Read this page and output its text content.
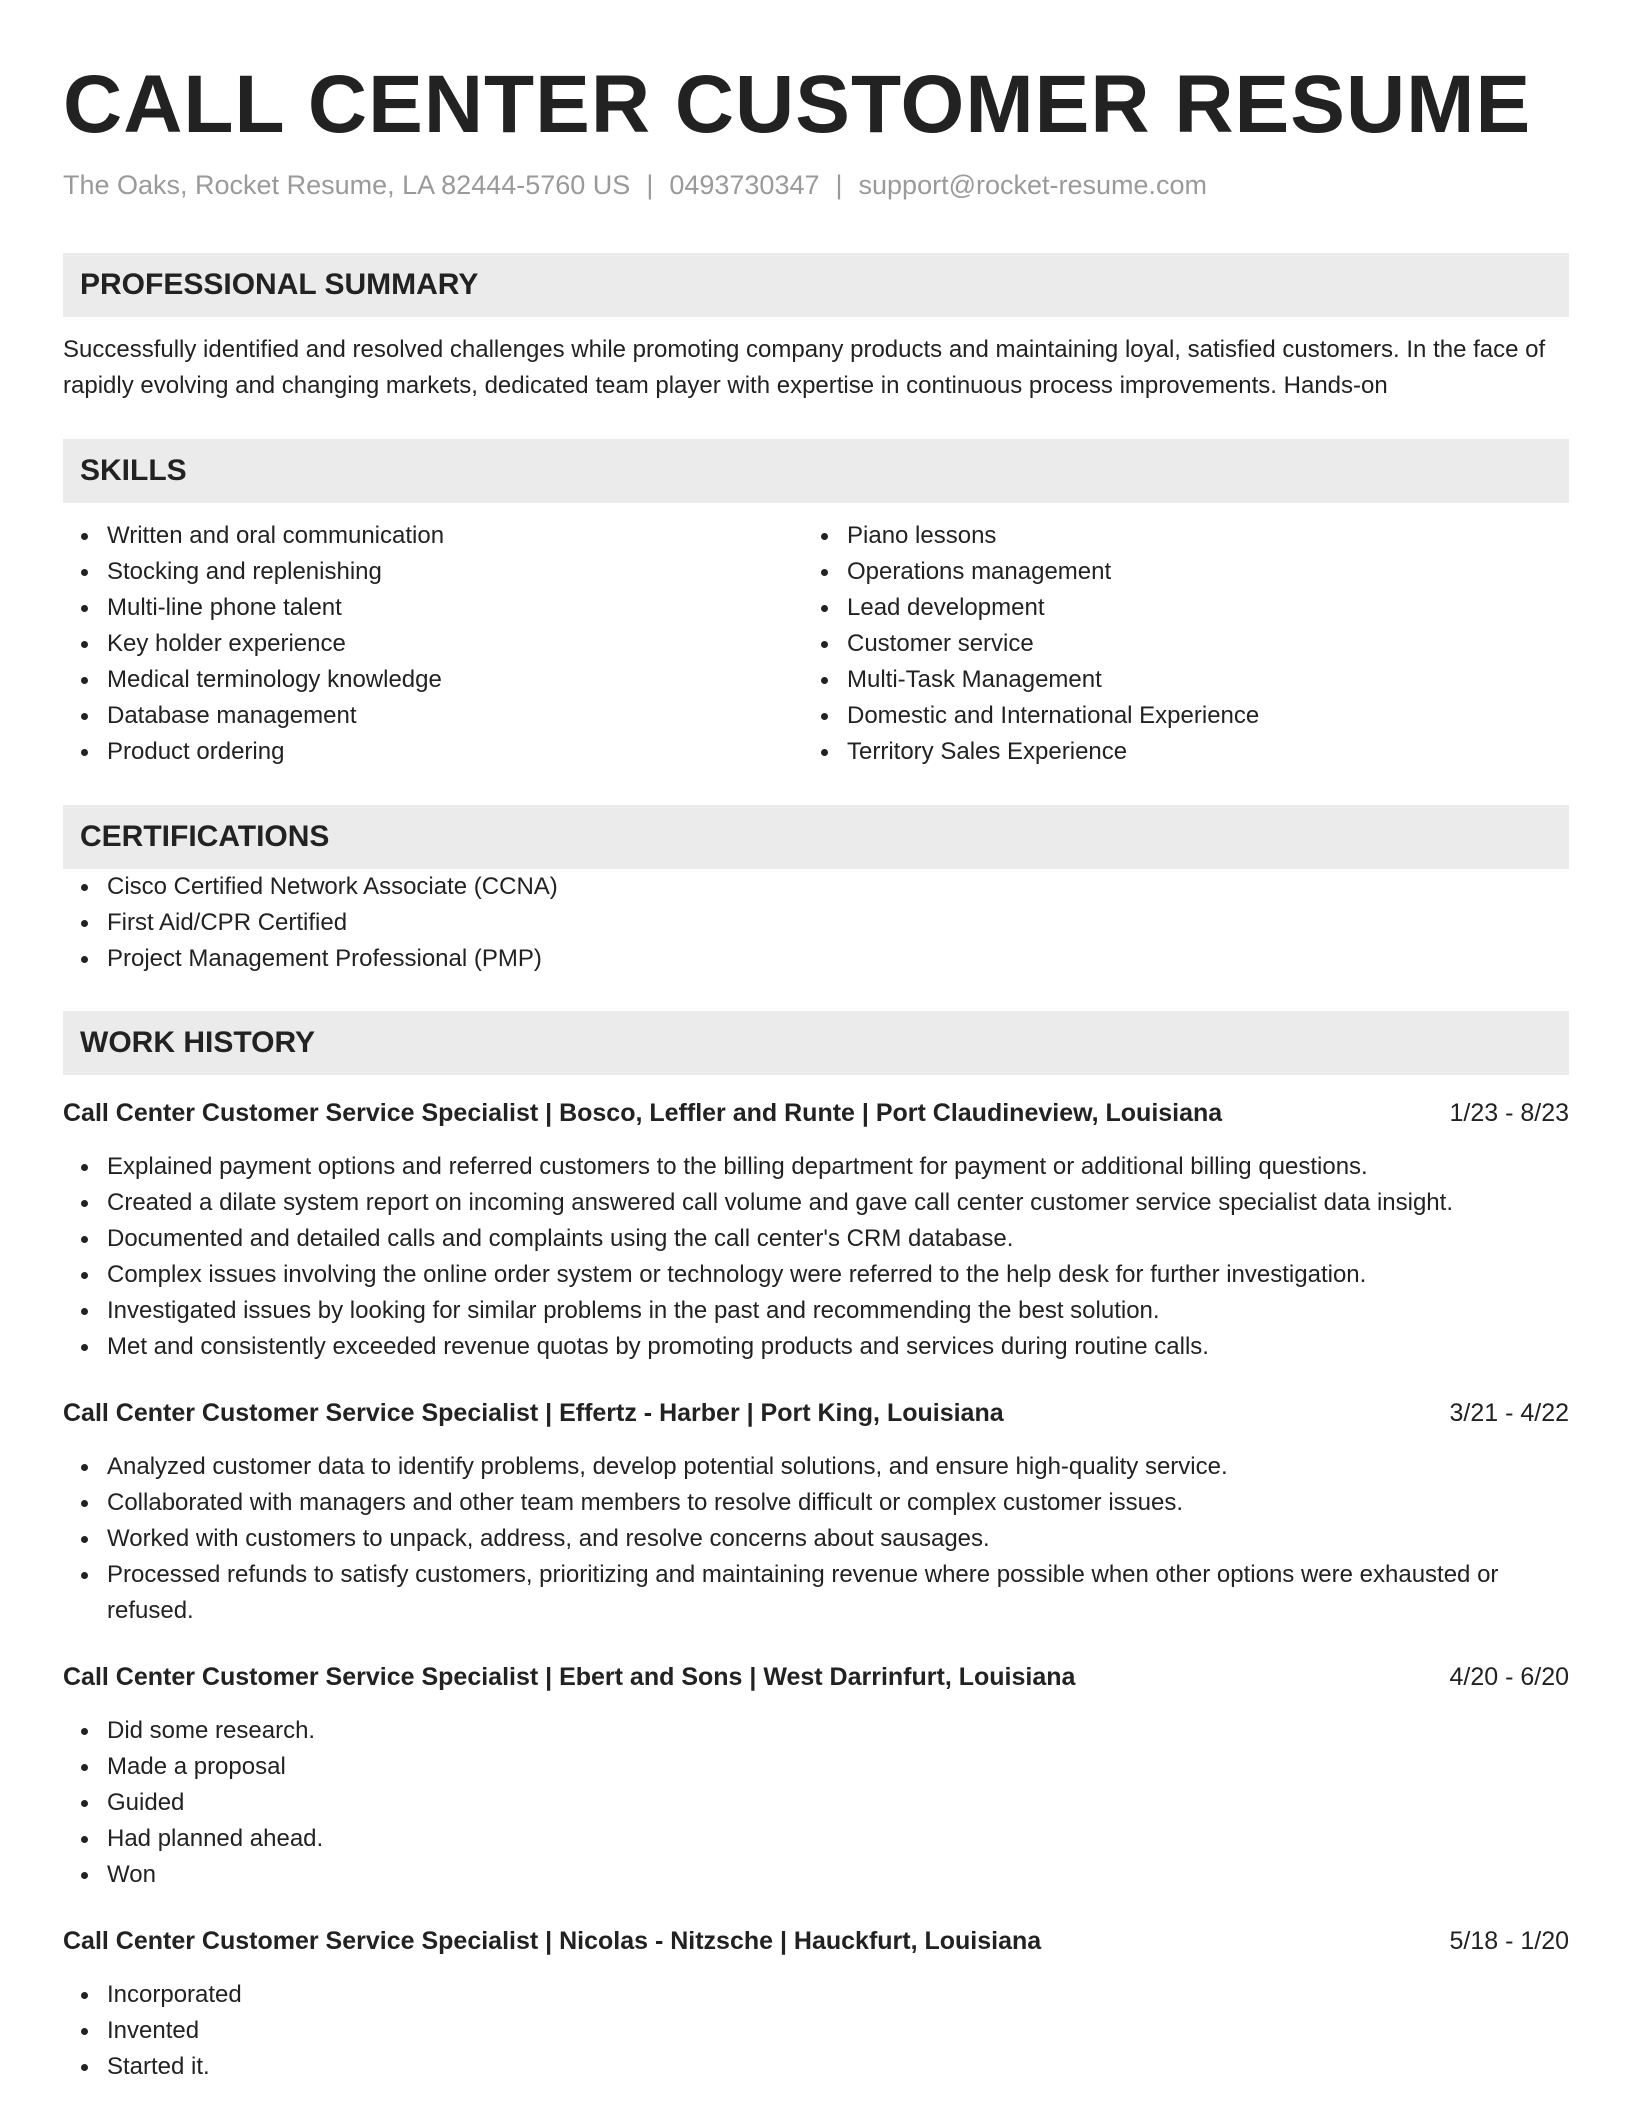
CALL CENTER CUSTOMER RESUME
The Oaks, Rocket Resume, LA 82444-5760 US | 0493730347 | support@rocket-resume.com
PROFESSIONAL SUMMARY
Successfully identified and resolved challenges while promoting company products and maintaining loyal, satisfied customers. In the face of rapidly evolving and changing markets, dedicated team player with expertise in continuous process improvements. Hands-on
SKILLS
Written and oral communication
Stocking and replenishing
Multi-line phone talent
Key holder experience
Medical terminology knowledge
Database management
Product ordering
Piano lessons
Operations management
Lead development
Customer service
Multi-Task Management
Domestic and International Experience
Territory Sales Experience
CERTIFICATIONS
Cisco Certified Network Associate (CCNA)
First Aid/CPR Certified
Project Management Professional (PMP)
WORK HISTORY
Call Center Customer Service Specialist | Bosco, Leffler and Runte | Port Claudineview, Louisiana	1/23 - 8/23
Explained payment options and referred customers to the billing department for payment or additional billing questions.
Created a dilate system report on incoming answered call volume and gave call center customer service specialist data insight.
Documented and detailed calls and complaints using the call center's CRM database.
Complex issues involving the online order system or technology were referred to the help desk for further investigation.
Investigated issues by looking for similar problems in the past and recommending the best solution.
Met and consistently exceeded revenue quotas by promoting products and services during routine calls.
Call Center Customer Service Specialist | Effertz - Harber | Port King, Louisiana	3/21 - 4/22
Analyzed customer data to identify problems, develop potential solutions, and ensure high-quality service.
Collaborated with managers and other team members to resolve difficult or complex customer issues.
Worked with customers to unpack, address, and resolve concerns about sausages.
Processed refunds to satisfy customers, prioritizing and maintaining revenue where possible when other options were exhausted or refused.
Call Center Customer Service Specialist | Ebert and Sons | West Darrinfurt, Louisiana	4/20 - 6/20
Did some research.
Made a proposal
Guided
Had planned ahead.
Won
Call Center Customer Service Specialist | Nicolas - Nitzsche | Hauckfurt, Louisiana	5/18 - 1/20
Incorporated
Invented
Started it.
